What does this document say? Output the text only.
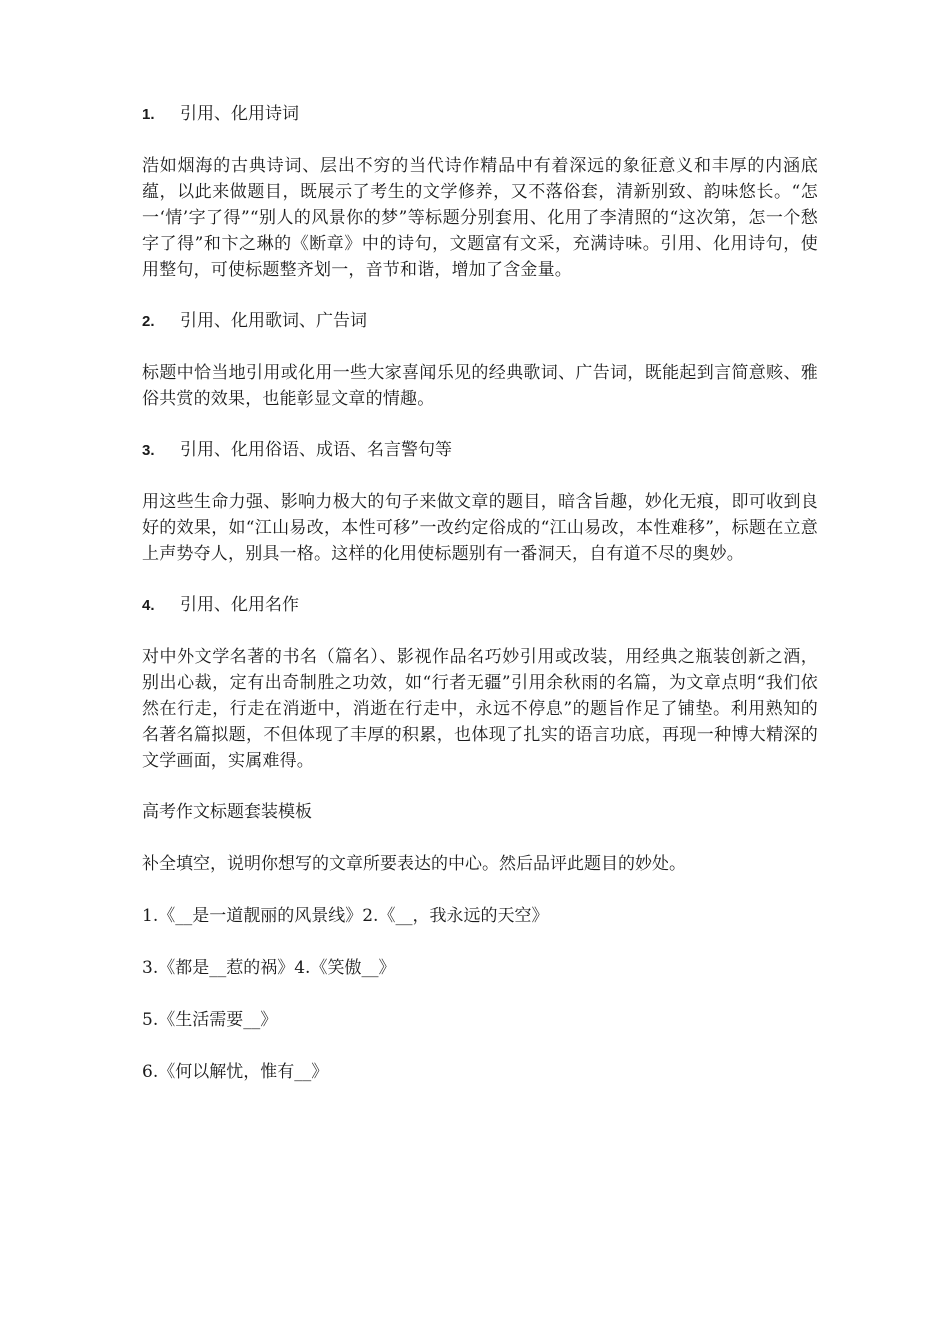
1.	引用、化用诗词

浩如烟海的古典诗词、层出不穷的当代诗作精品中有着深远的象征意义和丰厚的内涵底蕴，以此来做题目，既展示了考生的文学修养，又不落俗套，清新别致、韵味悠长。“怎一‘情’字了得”“别人的风景你的梦”等标题分别套用、化用了李清照的“这次第，怎一个愁字了得”和卞之琳的《断章》中的诗句，文题富有文采，充满诗味。引用、化用诗句，使用整句，可使标题整齐划一，音节和谐，增加了含金量。

2.	引用、化用歌词、广告词

标题中恰当地引用或化用一些大家喜闻乐见的经典歌词、广告词，既能起到言简意赅、雅俗共赏的效果，也能彰显文章的情趣。

3.	引用、化用俗语、成语、名言警句等

用这些生命力强、影响力极大的句子来做文章的题目，暗含旨趣，妙化无痕，即可收到良好的效果，如“江山易改，本性可移”一改约定俗成的“江山易改，本性难移”，标题在立意上声势夺人，别具一格。这样的化用使标题别有一番洞天，自有道不尽的奥妙。

4.	引用、化用名作

对中外文学名著的书名（篇名）、影视作品名巧妙引用或改装，用经典之瓶装创新之酒，别出心裁，定有出奇制胜之功效，如“行者无疆”引用余秋雨的名篇，为文章点明“我们依然在行走，行走在消逝中，消逝在行走中，永远不停息”的题旨作足了铺垫。利用熟知的名著名篇拟题，不但体现了丰厚的积累，也体现了扎实的语言功底，再现一种博大精深的文学画面，实属难得。

高考作文标题套装模板

补全填空，说明你想写的文章所要表达的中心。然后品评此题目的妙处。

1.《__是一道靓丽的风景线》2.《__，我永远的天空》

3.《都是__惹的祸》4.《笑傲__》

5.《生活需要__》

6.《何以解忧，惟有__》
